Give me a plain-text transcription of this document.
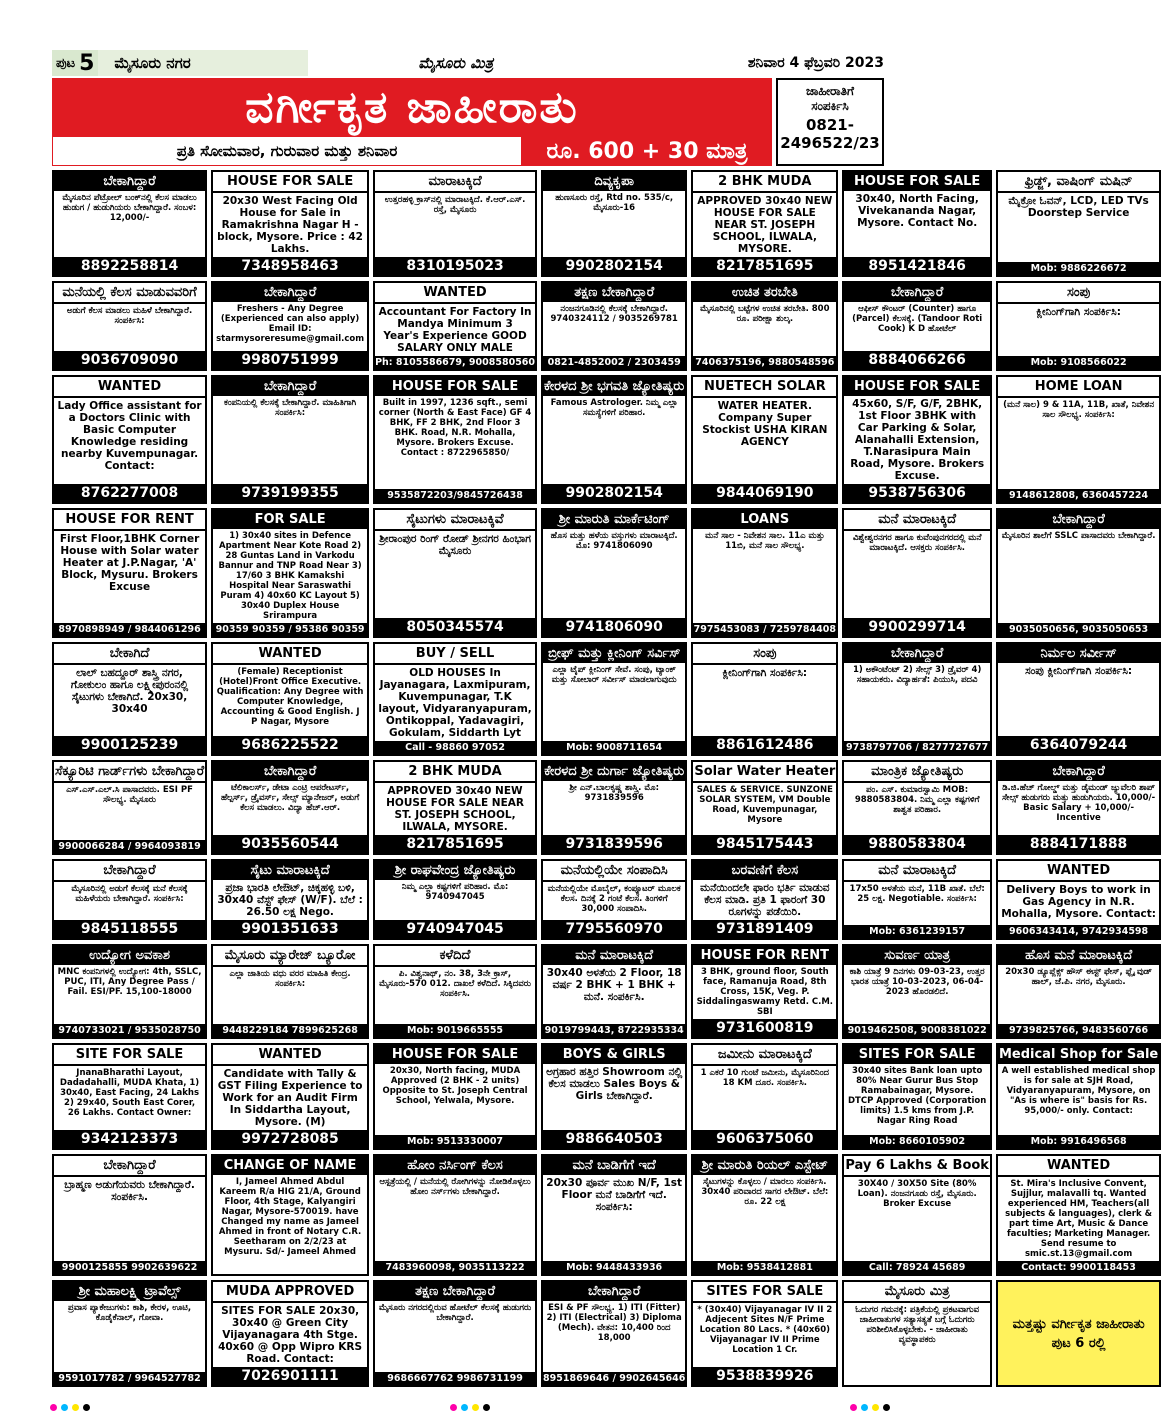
ಪುಟ 5	ಮೈಸೂರು ನಗರ	ಮೈಸೂರು ಮಿತ್ರ	ಶನಿವಾರ 4 ಫೆಬ್ರವರಿ 2023
ವರ್ಗೀಕೃತ ಜಾಹೀರಾತು
ಪ್ರತಿ ಸೋಮವಾರ, ಗುರುವಾರ ಮತ್ತು ಶನಿವಾರ	ರೂ. 600 + 30 ಮಾತ್ರ
ಜಾಹೀರಾತಿಗೆ
ಸಂಪರ್ಕಿಸಿ
0821-
2496522/23
ಬೇಕಾಗಿದ್ದಾರೆ
ಮೈಸೂರಿನ ಪೆಟ್ರೋಲ್ ಬಂಕ್‌ನಲ್ಲಿ ಕೆಲಸ ಮಾಡಲು ಹುಡುಗ / ಹುಡುಗಿಯರು ಬೇಕಾಗಿದ್ದಾರೆ. ಸಂಬಳ: 12,000/-
8892258814
HOUSE FOR SALE
20x30 West Facing Old House for Sale in Ramakrishna Nagar H - block, Mysore. Price : 42 Lakhs.
7348958463
ಮಾರಾಟಕ್ಕಿದೆ
ಉತ್ತರಹಳ್ಳಿ ಕ್ರಾಸ್‌ನಲ್ಲಿ ಮಾರಾಟಕ್ಕಿದೆ. ಕೆ.ಆರ್.ಎಸ್. ರಸ್ತೆ, ಮೈಸೂರು
8310195023
ದಿವ್ಯಕೃಪಾ
ಹುಣಸೂರು ರಸ್ತೆ, Rtd no. 535/c, ಮೈಸೂರು-16
9902802154
2 BHK MUDA
APPROVED 30x40 NEW HOUSE FOR SALE NEAR ST. JOSEPH SCHOOL, ILWALA, MYSORE.
8217851695
HOUSE FOR SALE
30x40, North Facing, Vivekananda Nagar, Mysore. Contact No.
8951421846
ಫ್ರಿಡ್ಜ್, ವಾಷಿಂಗ್ ಮಷಿನ್
ಮೈಕ್ರೋ ಓವನ್, LCD, LED TVs Doorstep Service
Mob: 9886226672
ಮನೆಯಲ್ಲಿ ಕೆಲಸ ಮಾಡುವವರಿಗೆ
ಅಡುಗೆ ಕೆಲಸ ಮಾಡಲು ಮಹಿಳೆ ಬೇಕಾಗಿದ್ದಾರೆ. ಸಂಪರ್ಕಿಸಿ:
9036709090
ಬೇಕಾಗಿದ್ದಾರೆ
Freshers - Any Degree (Experienced can also apply) Email ID: starmysoreresume@gmail.com
9980751999
WANTED
Accountant For Factory In Mandya Minimum 3 Year's Experience GOOD SALARY ONLY MALE
Ph: 8105586679, 9008580560
ತಕ್ಷಣ ಬೇಕಾಗಿದ್ದಾರೆ
ನಂಜನಗೂಡಿನಲ್ಲಿ ಕೆಲಸಕ್ಕೆ ಬೇಕಾಗಿದ್ದಾರೆ. 9740324112 / 9035269781
0821-4852002 / 2303459
ಉಚಿತ ತರಬೇತಿ
ಮೈಸೂರಿನಲ್ಲಿ ಬಟ್ಟೆಗಳ ಉಚಿತ ತರಬೇತಿ. 800 ರೂ. ಪರೀಕ್ಷಾ ಶುಲ್ಕ.
7406375196, 9880548596
ಬೇಕಾಗಿದ್ದಾರೆ
ಆಫೀಸ್ ಕೌಂಟರ್ (Counter) ಹಾಗೂ (Parcel) ಕೆಲಸಕ್ಕೆ. (Tandoor Roti Cook) K D ಹೋಟೆಲ್
8884066266
ಸಂಪು
ಕ್ಲೀನಿಂಗ್‌ಗಾಗಿ ಸಂಪರ್ಕಿಸಿ:
Mob: 9108566022
WANTED
Lady Office assistant for a Doctors Clinic with Basic Computer Knowledge residing nearby Kuvempunagar. Contact:
8762277008
ಬೇಕಾಗಿದ್ದಾರೆ
ಕಂಪನಿಯಲ್ಲಿ ಕೆಲಸಕ್ಕೆ ಬೇಕಾಗಿದ್ದಾರೆ. ಮಾಹಿತಿಗಾಗಿ ಸಂಪರ್ಕಿಸಿ:
9739199355
HOUSE FOR SALE
Built in 1997, 1236 sqft., semi corner (North & East Face) GF 4 BHK, FF 2 BHK, 2nd Floor 3 BHK. Road, N.R. Mohalla, Mysore. Brokers Excuse. Contact : 8722965850/
9535872203/9845726438
ಕೇರಳದ ಶ್ರೀ ಭಗವತಿ ಜ್ಯೋತಿಷ್ಯರು
Famous Astrologer. ನಿಮ್ಮ ಎಲ್ಲಾ ಸಮಸ್ಯೆಗಳಿಗೆ ಪರಿಹಾರ.
9902802154
NUETECH SOLAR
WATER HEATER. Company Super Stockist USHA KIRAN AGENCY
9844069190
HOUSE FOR SALE
45x60, S/F, G/F, 2BHK, 1st Floor 3BHK with Car Parking & Solar, Alanahalli Extension, T.Narasipura Main Road, Mysore. Brokers Excuse.
9538756306
HOME LOAN
(ಮನೆ ಸಾಲ) 9 & 11A, 11B, ಖಾತೆ, ನಿವೇಶನ ಸಾಲ ಸೌಲಭ್ಯ. ಸಂಪರ್ಕಿಸಿ:
9148612808, 6360457224
HOUSE FOR RENT
First Floor,1BHK Corner House with Solar water Heater at J.P.Nagar, 'A' Block, Mysuru. Brokers Excuse
8970898949 / 9844061296
FOR SALE
1) 30x40 sites in Defence Apartment Near Kote Road 2) 28 Guntas Land in Varkodu Bannur and TNP Road Near 3) 17/60 3 BHK Kamakshi Hospital Near Saraswathi Puram 4) 40x60 KC Layout 5) 30x40 Duplex House Srirampura
90359 90359 / 95386 90359
ಸೈಟುಗಳು ಮಾರಾಟಕ್ಕಿವೆ
ಶ್ರೀರಾಂಪುರ ರಿಂಗ್ ರೋಡ್ ಶ್ರೀನಗರ ಹಿಂಭಾಗ ಮೈಸೂರು
8050345574
ಶ್ರೀ ಮಾರುತಿ ಮಾರ್ಕೆಟಿಂಗ್
ಹೊಸ ಮತ್ತು ಹಳೆಯ ವಸ್ತುಗಳು ಮಾರಾಟಕ್ಕಿದೆ. ಮೊ: 9741806090
9741806090
LOANS
ಮನೆ ಸಾಲ - ನಿವೇಶನ ಸಾಲ. 11ಎ ಮತ್ತು 11ಬಿ, ಮನೆ ಸಾಲ ಸೌಲಭ್ಯ.
7975453083 / 7259784408
ಮನೆ ಮಾರಾಟಕ್ಕಿದೆ
ವಿಶ್ವೇಶ್ವರನಗರ ಹಾಗೂ ಕುವೆಂಪುನಗರದಲ್ಲಿ ಮನೆ ಮಾರಾಟಕ್ಕಿದೆ. ಆಸಕ್ತರು ಸಂಪರ್ಕಿಸಿ.
9900299714
ಬೇಕಾಗಿದ್ದಾರೆ
ಮೈಸೂರಿನ ಶಾಲೆಗೆ SSLC ಪಾಸಾದವರು ಬೇಕಾಗಿದ್ದಾರೆ.
9035050656, 9035050653
ಬೇಕಾಗಿದೆ
ಲಾಲ್ ಬಹದ್ದೂರ್ ಶಾಸ್ತ್ರಿ ನಗರ, ಗೋಕುಲಂ ಹಾಗೂ ಲಕ್ಷ್ಮೀಪುರಂನಲ್ಲಿ ಸೈಟುಗಳು ಬೇಕಾಗಿದೆ. 20x30, 30x40
9900125239
WANTED
(Female) Receptionist (Hotel)Front Office Executive. Qualification: Any Degree with Computer Knowledge, Accounting & Good English. J P Nagar, Mysore
9686225522
BUY / SELL
OLD HOUSES In Jayanagara, Laxmipuram, Kuvempunagar, T.K layout, Vidyaranyapuram, Ontikoppal, Yadavagiri, Gokulam, Siddarth Lyt
Call - 98860 97052
ಬ್ರೀಫ್ ಮತ್ತು ಕ್ಲೀನಿಂಗ್ ಸರ್ವಿಸ್
ಎಲ್ಲಾ ಟೈಪ್ ಕ್ಲೀನಿಂಗ್ ಸೇವೆ. ಸಂಪು, ಟ್ಯಾಂಕ್ ಮತ್ತು ಸೋಲಾರ್ ಸರ್ವೀಸ್ ಮಾಡಲಾಗುವುದು
Mob: 9008711654
ಸಂಪು
ಕ್ಲೀನಿಂಗ್‌ಗಾಗಿ ಸಂಪರ್ಕಿಸಿ:
8861612486
ಬೇಕಾಗಿದ್ದಾರೆ
1) ಅಕೌಂಟೆಂಟ್ 2) ಸೇಲ್ಸ್ 3) ಡ್ರೈವರ್ 4) ಸಹಾಯಕರು. ವಿದ್ಯಾರ್ಹತೆ: ಪಿಯುಸಿ, ಪದವಿ
9738797706 / 8277727677
ನಿರ್ಮಲ ಸರ್ವೀಸ್
ಸಂಪು ಕ್ಲೀನಿಂಗ್‌ಗಾಗಿ ಸಂಪರ್ಕಿಸಿ:
6364079244
ಸೆಕ್ಯೂರಿಟಿ ಗಾರ್ಡ್‌ಗಳು ಬೇಕಾಗಿದ್ದಾರೆ
ಎಸ್.ಎಸ್.ಎಲ್.ಸಿ ಪಾಸಾದವರು. ESI PF ಸೌಲಭ್ಯ. ಮೈಸೂರು
9900066284 / 9964093819
ಬೇಕಾಗಿದ್ದಾರೆ
ಟೆಲಿಕಾಲರ್ಸ್, ಡೇಟಾ ಎಂಟ್ರಿ ಆಪರೇಟರ್ಸ್, ಹೆಲ್ಪರ್ಸ್, ಡ್ರೈವರ್ಸ್, ಸೇಲ್ಸ್ ಮ್ಯಾನೇಜರ್, ಅಡುಗೆ ಕೆಲಸ ಮಾಡಲು. ವಿದ್ಯಾ ಹೆಚ್.ಆರ್.
9035560544
2 BHK MUDA
APPROVED 30x40 NEW HOUSE FOR SALE NEAR ST. JOSEPH SCHOOL, ILWALA, MYSORE.
8217851695
ಕೇರಳದ ಶ್ರೀ ದುರ್ಗಾ ಜ್ಯೋತಿಷ್ಯರು
ಶ್ರೀ ಎನ್.ಬಾಲಕೃಷ್ಣ ಶಾಸ್ತ್ರಿ. ಮೊ: 9731839596
9731839596
Solar Water Heater
SALES & SERVICE. SUNZONE SOLAR SYSTEM, VM Double Road, Kuvempunagar, Mysore
9845175443
ಮಾಂತ್ರಿಕ ಜ್ಯೋತಿಷ್ಯರು
ಪಂ. ಎಸ್. ಕುಮಾರಸ್ವಾಮಿ MOB: 9880583804. ನಿಮ್ಮ ಎಲ್ಲಾ ಕಷ್ಟಗಳಿಗೆ ಶಾಶ್ವತ ಪರಿಹಾರ.
9880583804
ಬೇಕಾಗಿದ್ದಾರೆ
ಡಿ.ಜಿ.ಹೆಚ್ ಗೋಲ್ಡ್ ಮತ್ತು ಡೈಮಂಡ್ ಜ್ಯುವೆಲರಿ ಶಾಪ್ ಸೇಲ್ಸ್ ಹುಡುಗರು ಮತ್ತು ಹುಡುಗಿಯರು. 10,000/- Basic Salary + 10,000/- Incentive
8884171888
ಬೇಕಾಗಿದ್ದಾರೆ
ಮೈಸೂರಿನಲ್ಲಿ ಅಡುಗೆ ಕೆಲಸಕ್ಕೆ ಮನೆ ಕೆಲಸಕ್ಕೆ ಮಹಿಳೆಯರು ಬೇಕಾಗಿದ್ದಾರೆ. ಸಂಪರ್ಕಿಸಿ:
9845118555
ಸೈಟು ಮಾರಾಟಕ್ಕಿದೆ
ಪ್ರಜಾ ಭಾರತಿ ಲೇಔಟ್, ಚಿಕ್ಕಹಳ್ಳಿ ಬಳಿ, 30x40 ವೆಸ್ಟ್ ಫೇಸ್ (W/F). ಬೆಲೆ : 26.50 ಲಕ್ಷ Nego.
9901351633
ಶ್ರೀ ರಾಘವೇಂದ್ರ ಜ್ಯೋತಿಷ್ಯರು
ನಿಮ್ಮ ಎಲ್ಲಾ ಕಷ್ಟಗಳಿಗೆ ಪರಿಹಾರ. ಮೊ: 9740947045
9740947045
ಮನೆಯಲ್ಲಿಯೇ ಸಂಪಾದಿಸಿ
ಮನೆಯಲ್ಲಿಯೇ ಮೊಬೈಲ್, ಕಂಪ್ಯೂಟರ್ ಮೂಲಕ ಕೆಲಸ. ದಿನಕ್ಕೆ 2 ಗಂಟೆ ಕೆಲಸ. ತಿಂಗಳಿಗೆ 30,000 ಸಂಪಾದಿಸಿ.
7795560970
ಬರವಣಿಗೆ ಕೆಲಸ
ಮನೆಯಿಂದಲೇ ಫಾರಂ ಭರ್ತಿ ಮಾಡುವ ಕೆಲಸ ಮಾಡಿ. ಪ್ರತಿ 1 ಫಾರಂಗೆ 30 ರೂಗಳನ್ನು ಪಡೆಯಿರಿ.
9731891409
ಮನೆ ಮಾರಾಟಕ್ಕಿದೆ
17x50 ಅಳತೆಯ ಮನೆ, 11B ಖಾತೆ. ಬೆಲೆ: 25 ಲಕ್ಷ. Negotiable. ಸಂಪರ್ಕಿಸಿ:
Mob: 6361239157
WANTED
Delivery Boys to work in Gas Agency in N.R. Mohalla, Mysore. Contact:
9606343414, 9742934598
ಉದ್ಯೋಗ ಅವಕಾಶ
MNC ಕಂಪನಿಗಳಲ್ಲಿ ಉದ್ಯೋಗ: 4th, SSLC, PUC, ITI, Any Degree Pass / Fail. ESI/PF. 15,100-18000
9740733021 / 9535028750
ಮೈಸೂರು ಮ್ಯಾರೇಜ್ ಬ್ಯೂರೋ
ಎಲ್ಲಾ ಜಾತಿಯ ವಧು ವರರ ಮಾಹಿತಿ ಕೇಂದ್ರ. ಸಂಪರ್ಕಿಸಿ:
9448229184 7899625268
ಕಳೆದಿದೆ
ಪಿ. ವಿಶ್ವನಾಥ್, ನಂ. 38, 3ನೇ ಕ್ರಾಸ್, ಮೈಸೂರು-570 012. ದಾಖಲೆ ಕಳೆದಿದೆ. ಸಿಕ್ಕಿದವರು ಸಂಪರ್ಕಿಸಿ.
Mob: 9019665555
ಮನೆ ಮಾರಾಟಕ್ಕಿದೆ
30x40 ಅಳತೆಯ 2 Floor, 18 ವರ್ಷ 2 BHK + 1 BHK + ಮನೆ. ಸಂಪರ್ಕಿಸಿ.
9019799443, 8722935334
HOUSE FOR RENT
3 BHK, ground floor, South face, Ramanuja Road, 8th Cross, 15K, Veg. P. Siddalingaswamy Retd. C.M. SBI
9731600819
ಸುವರ್ಣ ಯಾತ್ರ
ಕಾಶಿ ಯಾತ್ರೆ 9 ದಿನಗಳು 09-03-23, ಉತ್ತರ ಭಾರತ ಯಾತ್ರೆ 10-03-2023, 06-04-2023 ಹೊರಡಲಿದೆ.
9019462508, 9008381022
ಹೊಸ ಮನೆ ಮಾರಾಟಕ್ಕಿದೆ
20x30 ಡ್ಯೂಪ್ಲೆಕ್ಸ್ ಹೌಸ್ ಈಸ್ಟ್ ಫೇಸ್, ಫ್ಲೈ ವುಡ್ ಹಾಲ್, ಜೆ.ಪಿ. ನಗರ, ಮೈಸೂರು.
9739825766, 9483560766
SITE FOR SALE
JnanaBharathi Layout, Dadadahalli, MUDA Khata, 1) 30x40, East Facing, 24 Lakhs 2) 29x40, South East Corer, 26 Lakhs. Contact Owner:
9342123373
WANTED
Candidate with Tally & GST Filing Experience to Work for an Audit Firm In Siddartha Layout, Mysore. (M)
9972728085
HOUSE FOR SALE
20x30, North facing, MUDA Approved (2 BHK - 2 units) Opposite to St. Joseph Central School, Yelwala, Mysore.
Mob: 9513330007
BOYS & GIRLS
ಅಗ್ರಹಾರ ಹತ್ತಿರ Showroom ನಲ್ಲಿ ಕೆಲಸ ಮಾಡಲು Sales Boys & Girls ಬೇಕಾಗಿದ್ದಾರೆ.
9886640503
ಜಮೀನು ಮಾರಾಟಕ್ಕಿದೆ
1 ಎಕರೆ 10 ಗುಂಟೆ ಜಮೀನು, ಮೈಸೂರಿನಿಂದ 18 KM ದೂರ. ಸಂಪರ್ಕಿಸಿ.
9606375060
SITES FOR SALE
30x40 sites Bank loan upto 80% Near Gurur Bus Stop Ramabainagar, Mysore. DTCP Approved (Corporation limits) 1.5 kms from J.P. Nagar Ring Road
Mob: 8660105902
Medical Shop for Sale
A well established medical shop is for sale at SJH Road, Vidyaranyapuram, Mysore, on "As is where is" basis for Rs. 95,000/- only. Contact:
Mob: 9916496568
ಬೇಕಾಗಿದ್ದಾರೆ
ಬ್ರಾಹ್ಮಣ ಅಡುಗೆಯವರು ಬೇಕಾಗಿದ್ದಾರೆ. ಸಂಪರ್ಕಿಸಿ.
9900125855 9902639622
CHANGE OF NAME
I, Jameel Ahmed Abdul Kareem R/a HIG 21/A, Ground Floor, 4th Stage, Kalyangiri Nagar, Mysore-570019. have Changed my name as Jameel Ahmed in front of Notary C.R. Seetharam on 2/2/23 at Mysuru. Sd/- Jameel Ahmed
ಹೋಂ ನರ್ಸಿಂಗ್ ಕೆಲಸ
ಆಸ್ಪತ್ರೆಯಲ್ಲಿ / ಮನೆಯಲ್ಲಿ ರೋಗಿಗಳನ್ನು ನೋಡಿಕೊಳ್ಳಲು ಹೋಂ ನರ್ಸ್‌ಗಳು ಬೇಕಾಗಿದ್ದಾರೆ.
7483960098, 9035113222
ಮನೆ ಬಾಡಿಗೆಗೆ ಇದೆ
20x30 ಪೂರ್ವ ಮುಖ N/F, 1st Floor ಮನೆ ಬಾಡಿಗೆಗೆ ಇದೆ. ಸಂಪರ್ಕಿಸಿ:
Mob: 9448433936
ಶ್ರೀ ಮಾರುತಿ ರಿಯಲ್ ಎಸ್ಟೇಟ್
ಸೈಟುಗಳನ್ನು ಕೊಳ್ಳಲು / ಮಾರಲು ಸಂಪರ್ಕಿಸಿ. 30x40 ಪರಿವಾರದ ಸಾಗರ ಲೇಔಟ್. ಬೆಲೆ: ರೂ. 22 ಲಕ್ಷ
Mob: 9538412881
Pay 6 Lakhs & Book
30X40 / 30X50 Site (80% Loan). ನಂಜನಗೂಡು ರಸ್ತೆ, ಮೈಸೂರು. Broker Excuse
Call: 78924 45689
WANTED
St. Mira's Inclusive Convent, Sujjlur, malavalli tq. Wanted experienced HM, Teachers(all subjects & languages), clerk & part time Art, Music & Dance faculties; Marketing Manager. Send resume to smic.st.13@gmail.com
Contact: 9900118453
ಶ್ರೀ ಮಹಾಲಕ್ಷ್ಮಿ ಟ್ರಾವೆಲ್ಸ್
ಪ್ರವಾಸ ಪ್ಯಾಕೇಜುಗಳು: ಕಾಶಿ, ಕೇರಳ, ಊಟಿ, ಕೊಡೈಕೆನಾಲ್, ಗೋವಾ.
9591017782 / 9964527782
MUDA APPROVED
SITES FOR SALE 20x30, 30x40 @ Green City Vijayanagara 4th Stge. 40x60 @ Opp Wipro KRS Road. Contact:
7026901111
ತಕ್ಷಣ ಬೇಕಾಗಿದ್ದಾರೆ
ಮೈಸೂರು ನಗರದಲ್ಲಿರುವ ಹೋಟೆಲ್ ಕೆಲಸಕ್ಕೆ ಹುಡುಗರು ಬೇಕಾಗಿದ್ದಾರೆ.
9686667762 9986731199
ಬೇಕಾಗಿದ್ದಾರೆ
ESI & PF ಸೌಲಭ್ಯ. 1) ITI (Fitter) 2) ITI (Electrical) 3) Diploma (Mech). ವೇತನ: 10,400 ರಿಂದ 18,000
8951869646 / 9902645646
SITES FOR SALE
* (30x40) Vijayanagar IV II 2 Adjecent Sites N/F Prime Location 80 Lacs. * (40x60) Vijayanagar IV II Prime Location 1 Cr.
9538839926
ಮೈಸೂರು ಮಿತ್ರ
ಓದುಗರ ಗಮನಕ್ಕೆ: ಪತ್ರಿಕೆಯಲ್ಲಿ ಪ್ರಕಟವಾಗುವ ಜಾಹೀರಾತುಗಳ ಸತ್ಯಾಸತ್ಯತೆ ಬಗ್ಗೆ ಓದುಗರು ಪರಿಶೀಲಿಸಿಕೊಳ್ಳಬೇಕು. - ಜಾಹೀರಾತು ವ್ಯವಸ್ಥಾಪಕರು
ಮತ್ತಷ್ಟು ವರ್ಗೀಕೃತ ಜಾಹೀರಾತು ಪುಟ 6 ರಲ್ಲಿ
